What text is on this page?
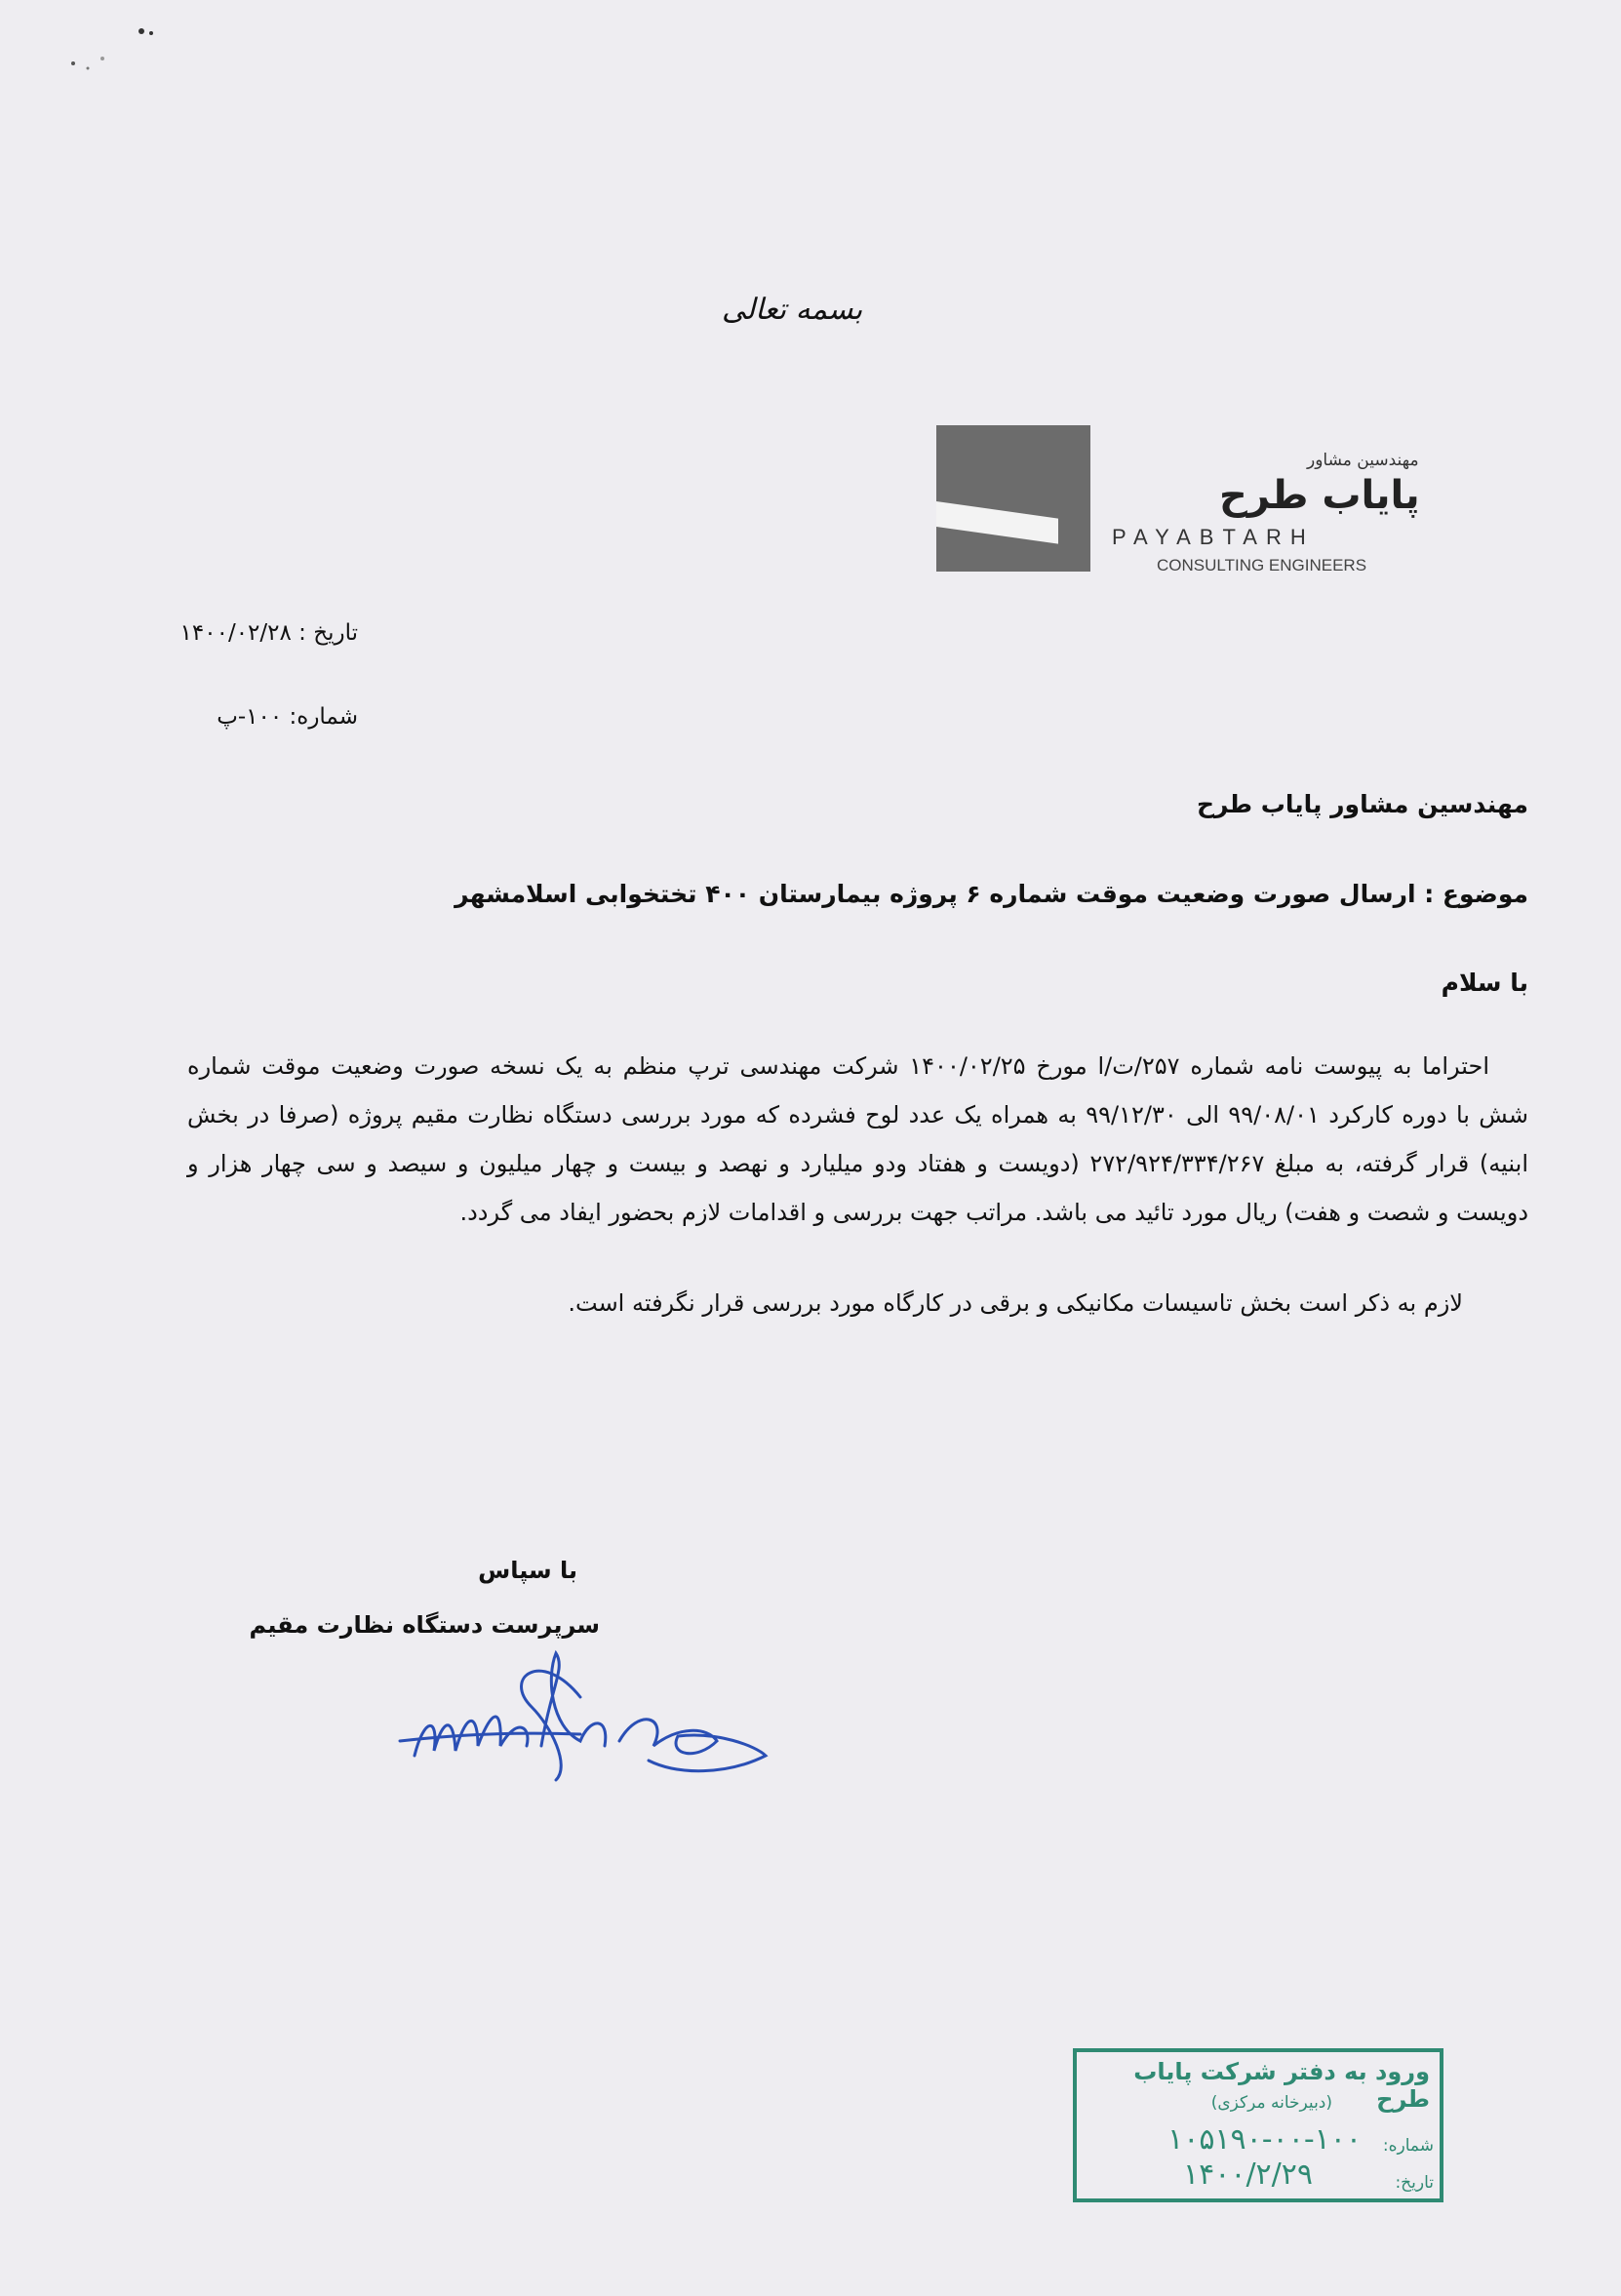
بسمه تعالی
مهندسین مشاور
پایاب طرح
PAYABTARH
CONSULTING ENGINEERS
تاریخ : ۱۴۰۰/۰۲/۲۸
شماره: ۱۰۰-پ
مهندسین مشاور پایاب طرح
موضوع : ارسال صورت وضعیت موقت شماره ۶ پروژه بیمارستان ۴۰۰ تختخوابی اسلامشهر
با سلام
احتراما به پیوست نامه شماره ۲۵۷/ت/ا مورخ ۱۴۰۰/۰۲/۲۵ شرکت مهندسی ترپ منظم به یک نسخه صورت وضعیت موقت شماره شش با دوره کارکرد ۹۹/۰۸/۰۱ الی ۹۹/۱۲/۳۰ به همراه یک عدد لوح فشرده که مورد بررسی دستگاه نظارت مقیم پروژه (صرفا در بخش ابنیه) قرار گرفته، به مبلغ ۲۷۲/۹۲۴/۳۳۴/۲۶۷ (دویست و هفتاد ودو میلیارد و نهصد و بیست و چهار میلیون و سیصد و سی چهار هزار و دویست و شصت و هفت) ریال مورد تائید می باشد. مراتب جهت بررسی و اقدامات لازم بحضور ایفاد می گردد.
لازم به ذکر است بخش تاسیسات مکانیکی و برقی در کارگاه مورد بررسی قرار نگرفته است.
با سپاس
سرپرست دستگاه نظارت مقیم
ورود به دفتر شرکت پایاب طرح
(دبیرخانه مرکزی)
شماره:
۱۰۵۱۹۰-۰۰-۱۰۰
تاریخ:
۱۴۰۰/۲/۲۹
